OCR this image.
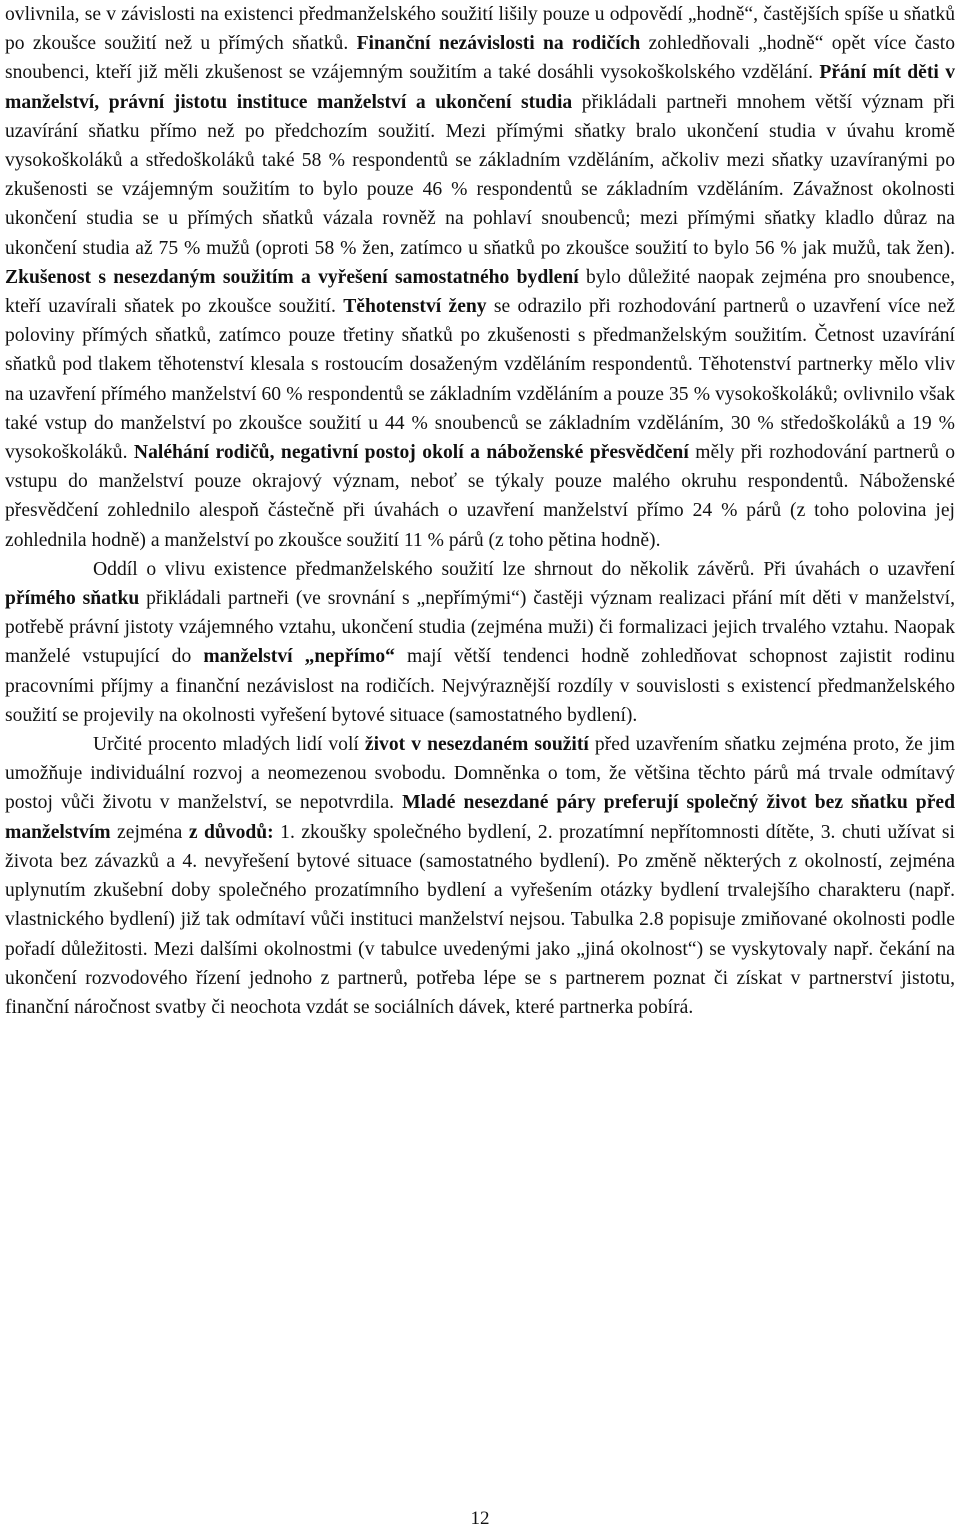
ovlivnila, se v závislosti na existenci předmanželského soužití lišily pouze u odpovědí „hodně“, častějších spíše u sňatků po zkoušce soužití než u přímých sňatků. Finanční nezávislosti na rodičích zohledňovali „hodně“ opět více často snoubenci, kteří již měli zkušenost se vzájemným soužitím a také dosáhli vysokoškolského vzdělání. Přání mít děti v manželství, právní jistotu instituce manželství a ukončení studia přikládali partneři mnohem větší význam při uzavírání sňatku přímo než po předchozím soužití. Mezi přímými sňatky bralo ukončení studia v úvahu kromě vysokoškoláků a středoškoláků také 58 % respondentů se základním vzděláním, ačkoliv mezi sňatky uzavíranými po zkušenosti se vzájemným soužitím to bylo pouze 46 % respondentů se základním vzděláním. Závažnost okolnosti ukončení studia se u přímých sňatků vázala rovněž na pohlaví snoubenců; mezi přímými sňatky kladlo důraz na ukončení studia až 75 % mužů (oproti 58 % žen, zatímco u sňatků po zkoušce soužití to bylo 56 % jak mužů, tak žen). Zkušenost s nesezdaným soužitím a vyřešení samostatného bydlení bylo důležité naopak zejména pro snoubence, kteří uzavírali sňatek po zkoušce soužití. Těhotenství ženy se odrazilo při rozhodování partnerů o uzavření více než poloviny přímých sňatků, zatímco pouze třetiny sňatků po zkušenosti s předmanželským soužitím. Četnost uzavírání sňatků pod tlakem těhotenství klesala s rostoucím dosaženým vzděláním respondentů. Těhotenství partnerky mělo vliv na uzavření přímého manželství 60 % respondentů se základním vzděláním a pouze 35 % vysokoškoláků; ovlivnilo však také vstup do manželství po zkoušce soužití u 44 % snoubenců se základním vzděláním, 30 % středoškoláků a 19 % vysokoškoláků. Naléhání rodičů, negativní postoj okolí a náboženské přesvědčení měly při rozhodování partnerů o vstupu do manželství pouze okrajový význam, neboť se týkaly pouze malého okruhu respondentů. Náboženské přesvědčení zohlednilo alespoň částečně při úvahách o uzavření manželství přímo 24 % párů (z toho polovina jej zohlednila hodně) a manželství po zkoušce soužití 11 % párů (z toho pětina hodně).

Oddíl o vlivu existence předmanželského soužití lze shrnout do několik závěrů. Při úvahách o uzavření přímého sňatku přikládali partneři (ve srovnání s „nepřímými“) častěji význam realizaci přání mít děti v manželství, potřebě právní jistoty vzájemného vztahu, ukončení studia (zejména muži) či formalizaci jejich trvalého vztahu. Naopak manželé vstupující do manželství „nepřímo“ mají větší tendenci hodně zohledňovat schopnost zajistit rodinu pracovními příjmy a finanční nezávislost na rodičích. Nejvýraznější rozdíly v souvislosti s existencí předmanželského soužití se projevily na okolnosti vyřešení bytové situace (samostatného bydlení).

Určité procento mladých lidí volí život v nesezdaném soužití před uzavřením sňatku zejména proto, že jim umožňuje individuální rozvoj a neomezenou svobodu. Domněnka o tom, že většina těchto párů má trvale odmítavý postoj vůči životu v manželství, se nepotvrdila. Mladé nesezdané páry preferují společný život bez sňatku před manželstvím zejména z důvodů: 1. zkoušky společného bydlení, 2. prozatímní nepřítomnosti dítěte, 3. chuti užívat si života bez závazků a 4. nevyřešení bytové situace (samostatného bydlení). Po změně některých z okolností, zejména uplynutím zkušební doby společného prozatímního bydlení a vyřešením otázky bydlení trvalejšího charakteru (např. vlastnického bydlení) již tak odmítaví vůči instituci manželství nejsou. Tabulka 2.8 popisuje zmiňované okolnosti podle pořadí důležitosti. Mezi dalšími okolnostmi (v tabulce uvedenými jako „jiná okolnost“) se vyskytovaly např. čekání na ukončení rozvodového řízení jednoho z partnerů, potřeba lépe se s partnerem poznat či získat v partnerství jistotu, finanční náročnost svatby či neochota vzdát se sociálních dávek, které partnerka pobírá.

12
